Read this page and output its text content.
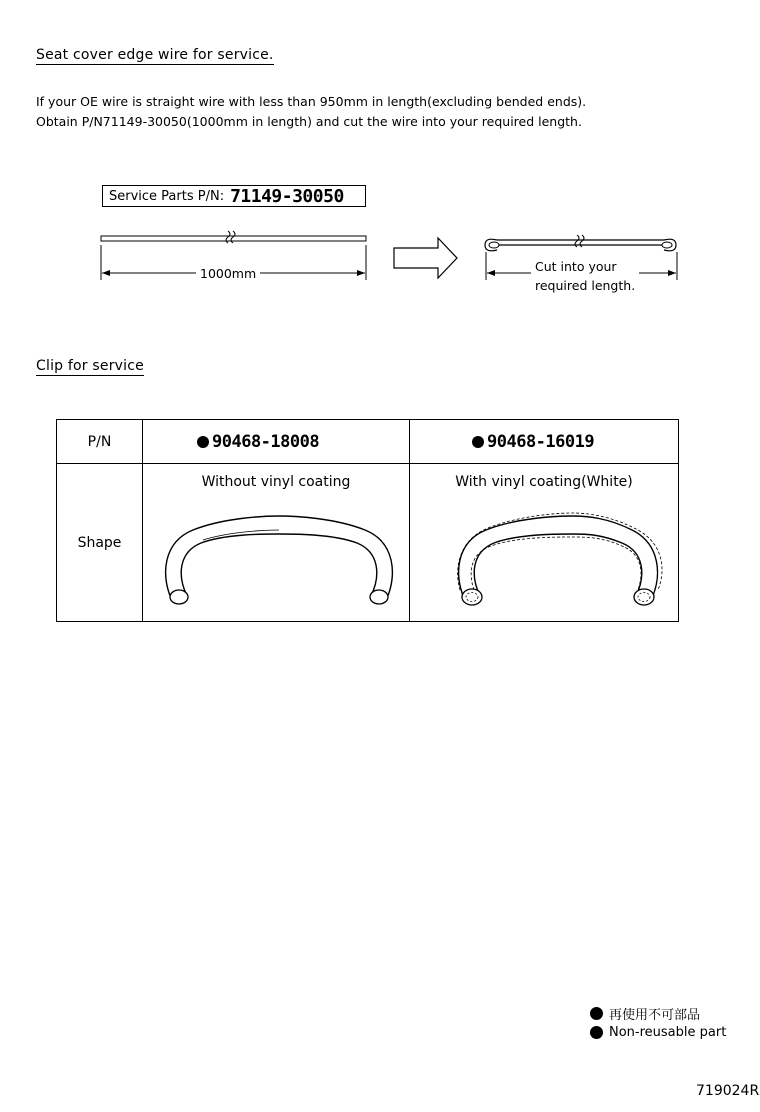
Seat cover edge wire for service.
If your OE wire is straight wire with less than 950mm in length(excluding bended ends).
Obtain P/N71149-30050(1000mm in length) and cut the wire into your required length.
Service Parts P/N: 71149-30050
1000mm	Cut into your
required length.
Clip for service
P/N	90468-18008	90468-16019

Shape	Without vinyl coating	With vinyl coating(White)
再使用不可部品
Non-reusable part
719024R
